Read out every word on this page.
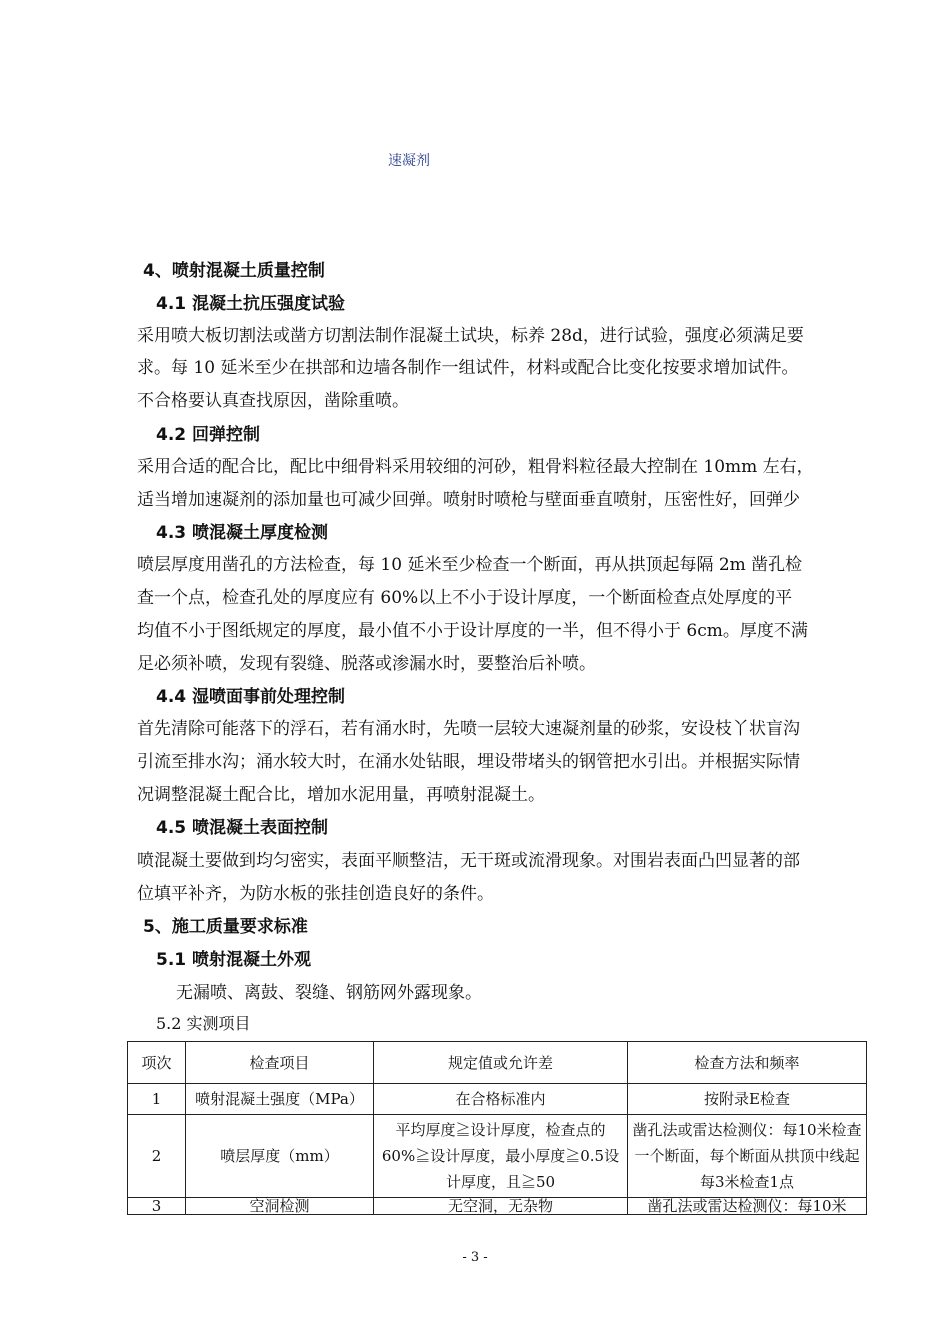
速凝剂
4、喷射混凝土质量控制
4.1 混凝土抗压强度试验
采用喷大板切割法或凿方切割法制作混凝土试块，标养 28d，进行试验，强度必须满足要
求。每 10 延米至少在拱部和边墙各制作一组试件，材料或配合比变化按要求增加试件。
不合格要认真查找原因，凿除重喷。
4.2 回弹控制
采用合适的配合比，配比中细骨料采用较细的河砂，粗骨料粒径最大控制在 10mm 左右，
适当增加速凝剂的添加量也可减少回弹。喷射时喷枪与壁面垂直喷射，压密性好，回弹少
4.3 喷混凝土厚度检测
喷层厚度用凿孔的方法检查，每 10 延米至少检查一个断面，再从拱顶起每隔 2m 凿孔检
查一个点，检查孔处的厚度应有 60%以上不小于设计厚度，一个断面检查点处厚度的平
均值不小于图纸规定的厚度，最小值不小于设计厚度的一半，但不得小于 6cm。厚度不满
足必须补喷，发现有裂缝、脱落或渗漏水时，要整治后补喷。
4.4 湿喷面事前处理控制
首先清除可能落下的浮石，若有涌水时，先喷一层较大速凝剂量的砂浆，安设枝丫状盲沟
引流至排水沟；涌水较大时，在涌水处钻眼，埋设带堵头的钢管把水引出。并根据实际情
况调整混凝土配合比，增加水泥用量，再喷射混凝土。
4.5 喷混凝土表面控制
喷混凝土要做到均匀密实，表面平顺整洁，无干斑或流滑现象。对围岩表面凸凹显著的部
位填平补齐，为防水板的张挂创造良好的条件。
5、施工质量要求标准
5.1 喷射混凝土外观
无漏喷、离鼓、裂缝、钢筋网外露现象。
5.2 实测项目
项次	检查项目	规定值或允许差	检查方法和频率
1	喷射混凝土强度（MPa）	在合格标准内	按附录E检查
2	喷层厚度（mm）	平均厚度≧设计厚度，检查点的60%≧设计厚度，最小厚度≧0.5设计厚度，且≧50	凿孔法或雷达检测仪：每10米检查一个断面，每个断面从拱顶中线起每3米检查1点
3	空洞检测	无空洞，无杂物	凿孔法或雷达检测仪：每10米
- 3 -
